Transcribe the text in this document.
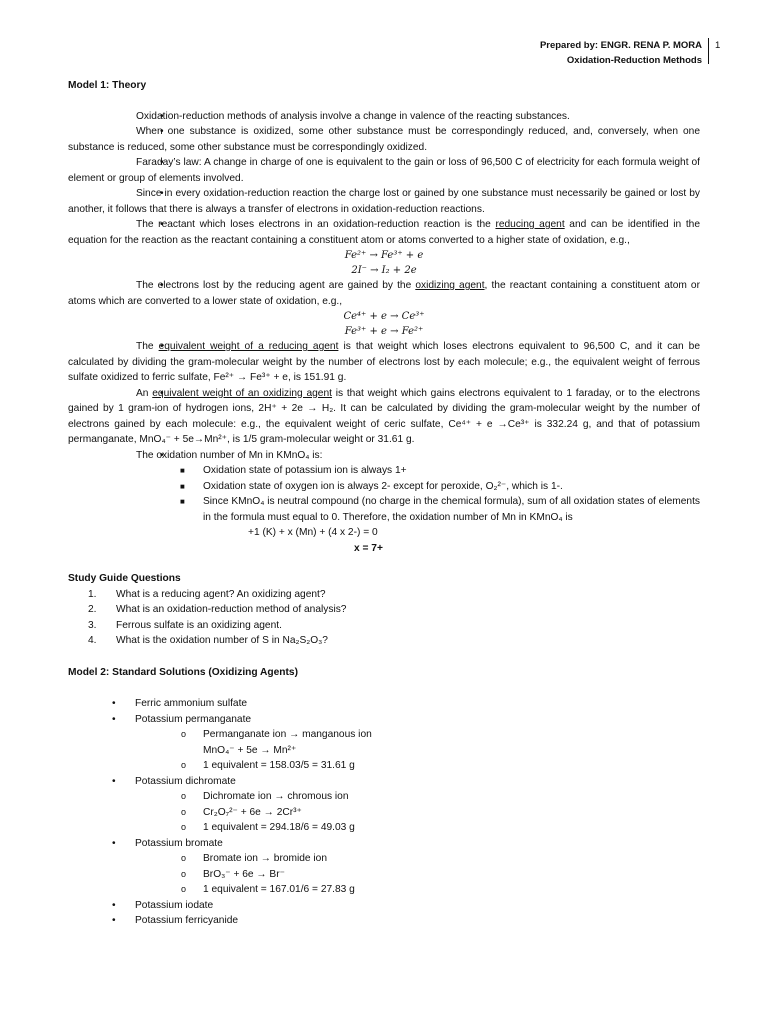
Prepared by: ENGR. RENA P. MORA
Oxidation-Reduction Methods
1
Model 1: Theory

• Oxidation-reduction methods of analysis involve a change in valence of the reacting substances.

• When one substance is oxidized, some other substance must be correspondingly reduced, and, conversely, when one substance is reduced, some other substance must be correspondingly oxidized.

• Faraday’s law: A change in charge of one is equivalent to the gain or loss of 96,500 C of electricity for each formula weight of element or group of elements involved.

• Since in every oxidation-reduction reaction the charge lost or gained by one substance must necessarily be gained or lost by another, it follows that there is always a transfer of electrons in oxidation-reduction reactions.

• The reactant which loses electrons in an oxidation-reduction reaction is the reducing agent and can be identified in the equation for the reaction as the reactant containing a constituent atom or atoms converted to a higher state of oxidation, e.g.,

Fe²⁺ → Fe³⁺ + e
2I⁻ → I₂ + 2e

• The electrons lost by the reducing agent are gained by the oxidizing agent, the reactant containing a constituent atom or atoms which are converted to a lower state of oxidation, e.g.,

Ce⁴⁺ + e → Ce³⁺
Fe³⁺ + e → Fe²⁺

• The equivalent weight of a reducing agent is that weight which loses electrons equivalent to 96,500 C, and it can be calculated by dividing the gram-molecular weight by the number of electrons lost by each molecule; e.g., the equivalent weight of ferrous sulfate oxidized to ferric sulfate, Fe²⁺ → Fe³⁺ + e, is 151.91 g.

• An equivalent weight of an oxidizing agent is that weight which gains electrons equivalent to 1 faraday, or to the electrons gained by 1 gram-ion of hydrogen ions, 2H⁺ + 2e → H₂. It can be calculated by dividing the gram-molecular weight by the number of electrons gained by each molecule: e.g., the equivalent weight of ceric sulfate, Ce⁴⁺ + e →Ce³⁺ is 332.24 g, and that of potassium permanganate, MnO₄⁻ + 5e→Mn²⁺, is 1/5 gram-molecular weight or 31.61 g.

• The oxidation number of Mn in KMnO₄ is:

■ Oxidation state of potassium ion is always 1+
■ Oxidation state of oxygen ion is always 2- except for peroxide, O₂²⁻, which is 1-.
■ Since KMnO₄ is neutral compound (no charge in the chemical formula), sum of all oxidation states of elements in the formula must equal to 0. Therefore, the oxidation number of Mn in KMnO₄ is
+1 (K) + x (Mn) + (4 x 2-) = 0
x = 7+
Study Guide Questions
1. What is a reducing agent? An oxidizing agent?
2. What is an oxidation-reduction method of analysis?
3. Ferrous sulfate is an oxidizing agent.
4. What is the oxidation number of S in Na₂S₂O₃?
Model 2: Standard Solutions (Oxidizing Agents)
• Ferric ammonium sulfate
• Potassium permanganate
o Permanganate ion → manganous ion
MnO₄⁻ + 5e → Mn²⁺
o 1 equivalent = 158.03/5 = 31.61 g
• Potassium dichromate
o Dichromate ion → chromous ion
o Cr₂O₇²⁻ + 6e → 2Cr³⁺
o 1 equivalent = 294.18/6 = 49.03 g
• Potassium bromate
o Bromate ion → bromide ion
o BrO₃⁻ + 6e → Br⁻
o 1 equivalent = 167.01/6 = 27.83 g
• Potassium iodate
• Potassium ferricyanide
